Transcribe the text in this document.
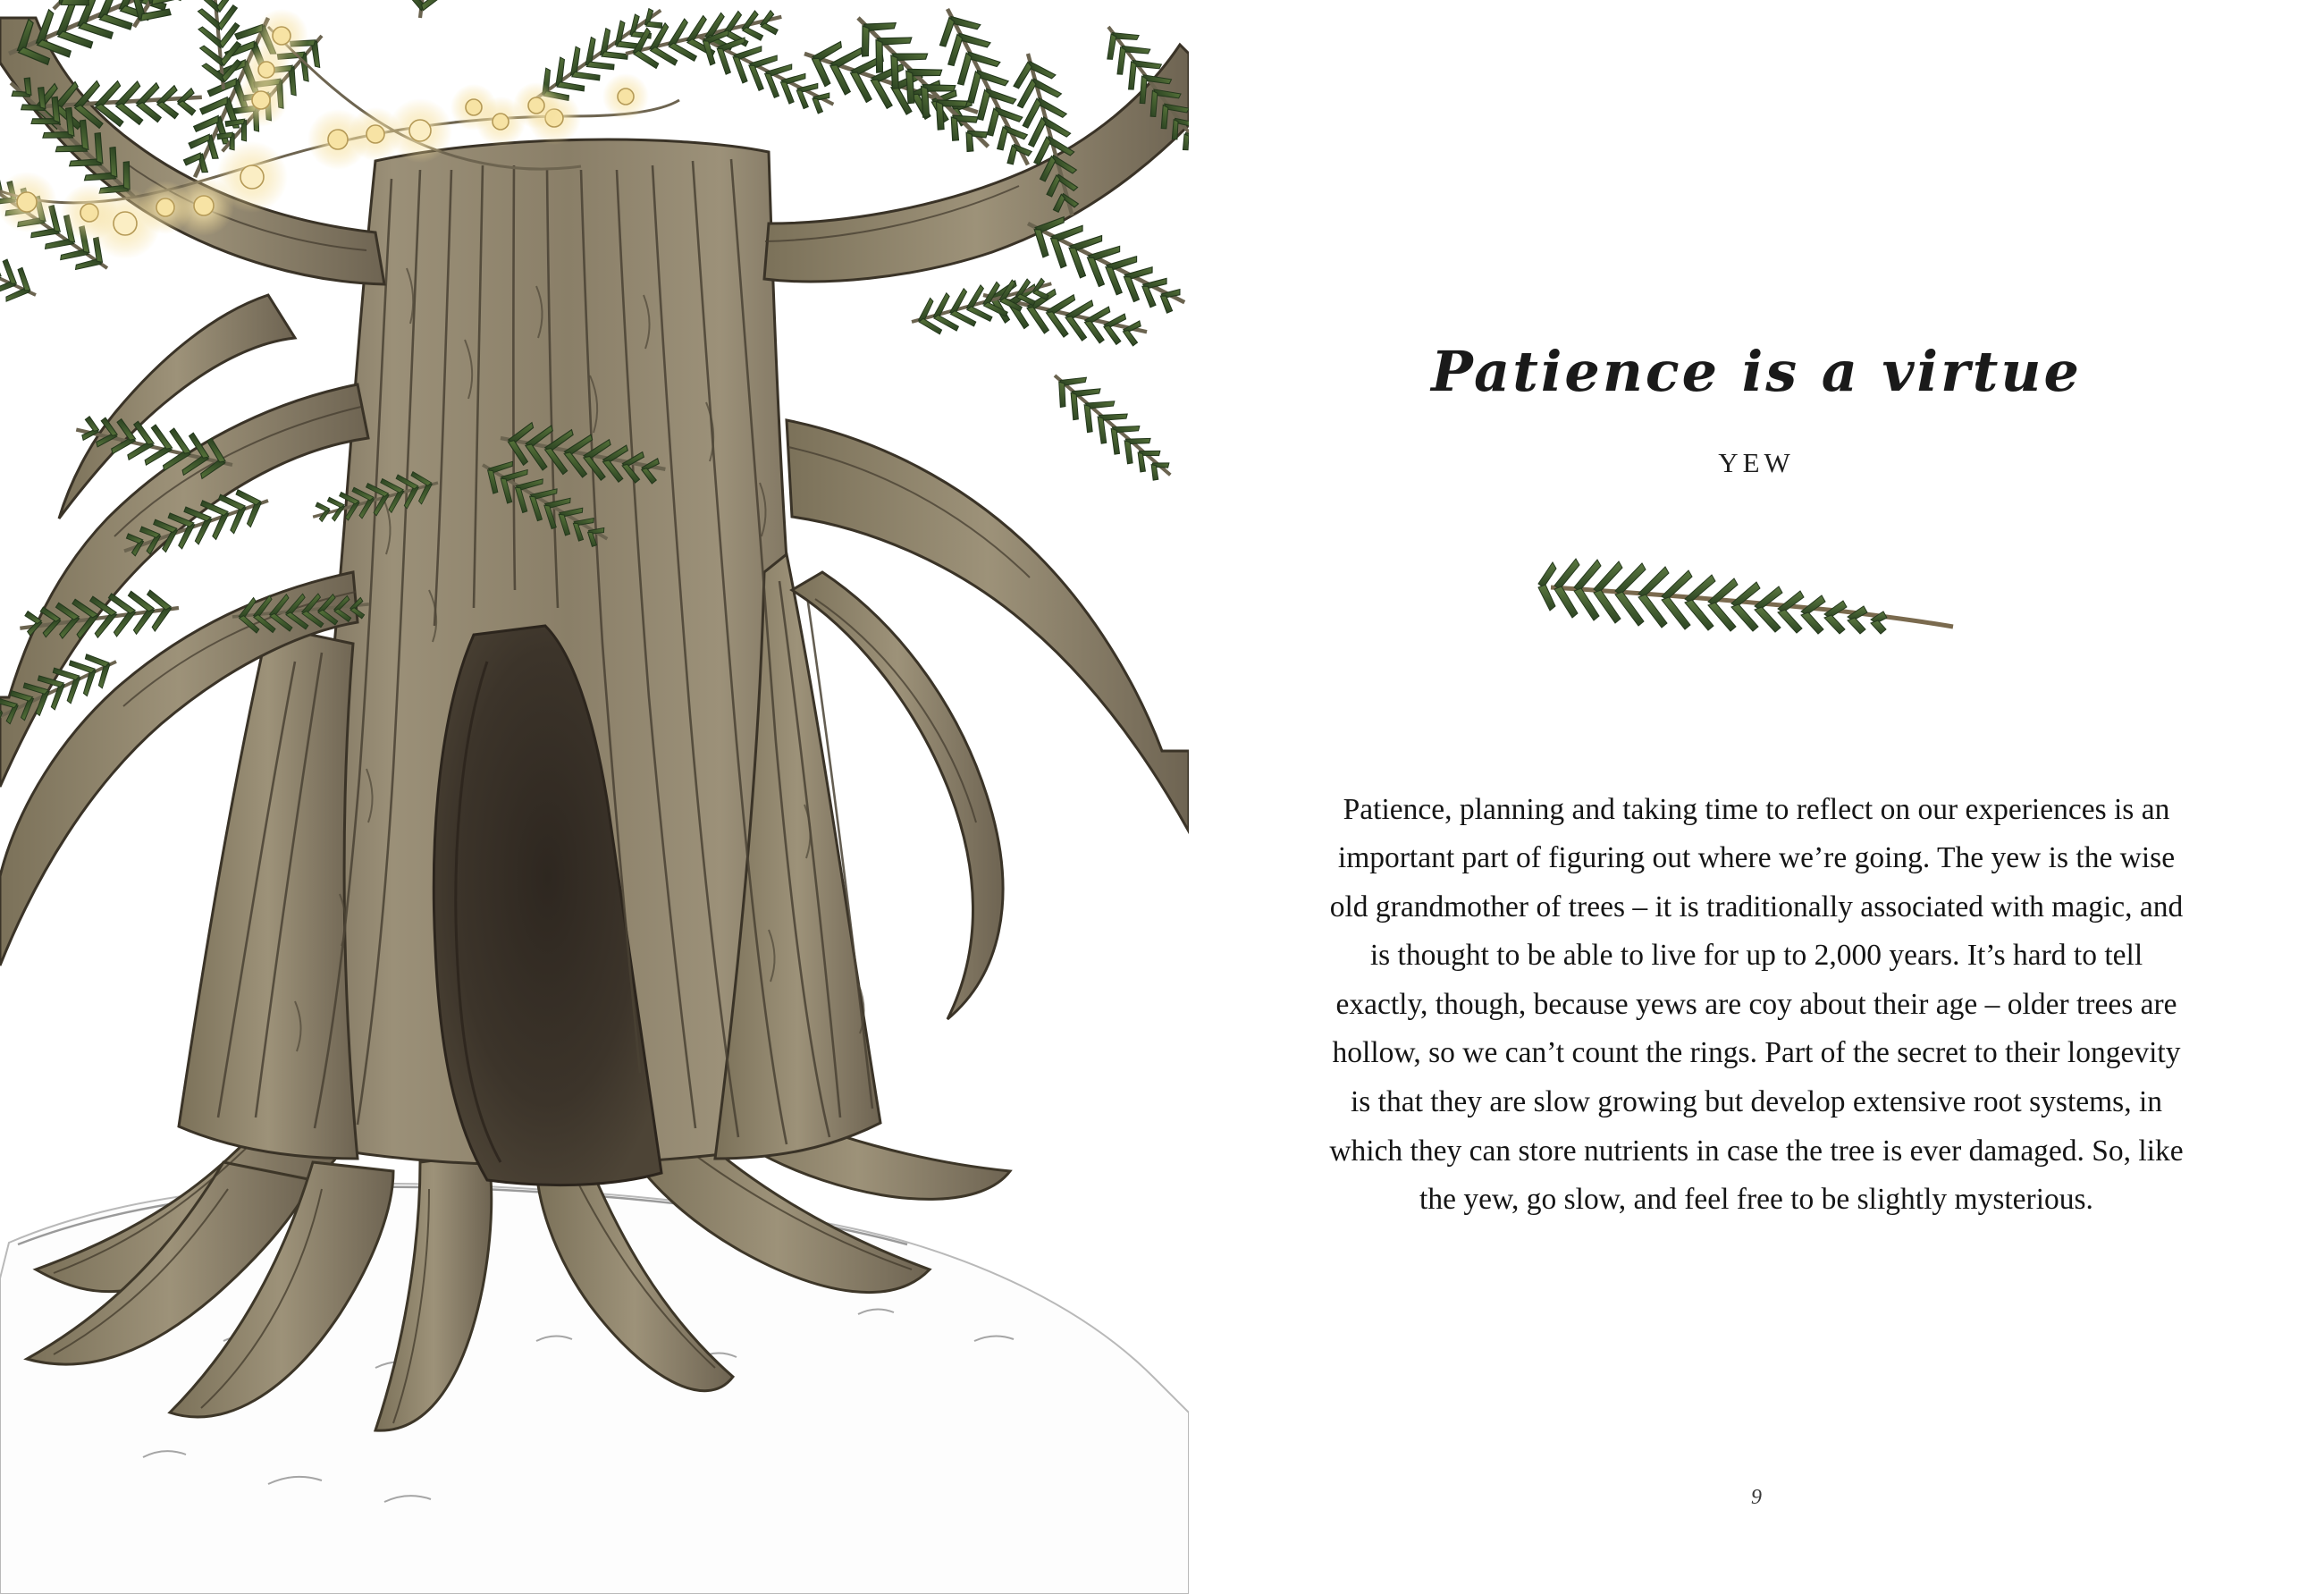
Patience is a virtue
YEW

Patience, planning and taking time to reflect on our experiences is an important part of figuring out where we’re going. The yew is the wise old grandmother of trees – it is traditionally associated with magic, and is thought to be able to live for up to 2,000 years. It’s hard to tell exactly, though, because yews are coy about their age – older trees are hollow, so we can’t count the rings. Part of the secret to their longevity is that they are slow growing but develop extensive root systems, in which they can store nutrients in case the tree is ever damaged. So, like the yew, go slow, and feel free to be slightly mysterious.

9
